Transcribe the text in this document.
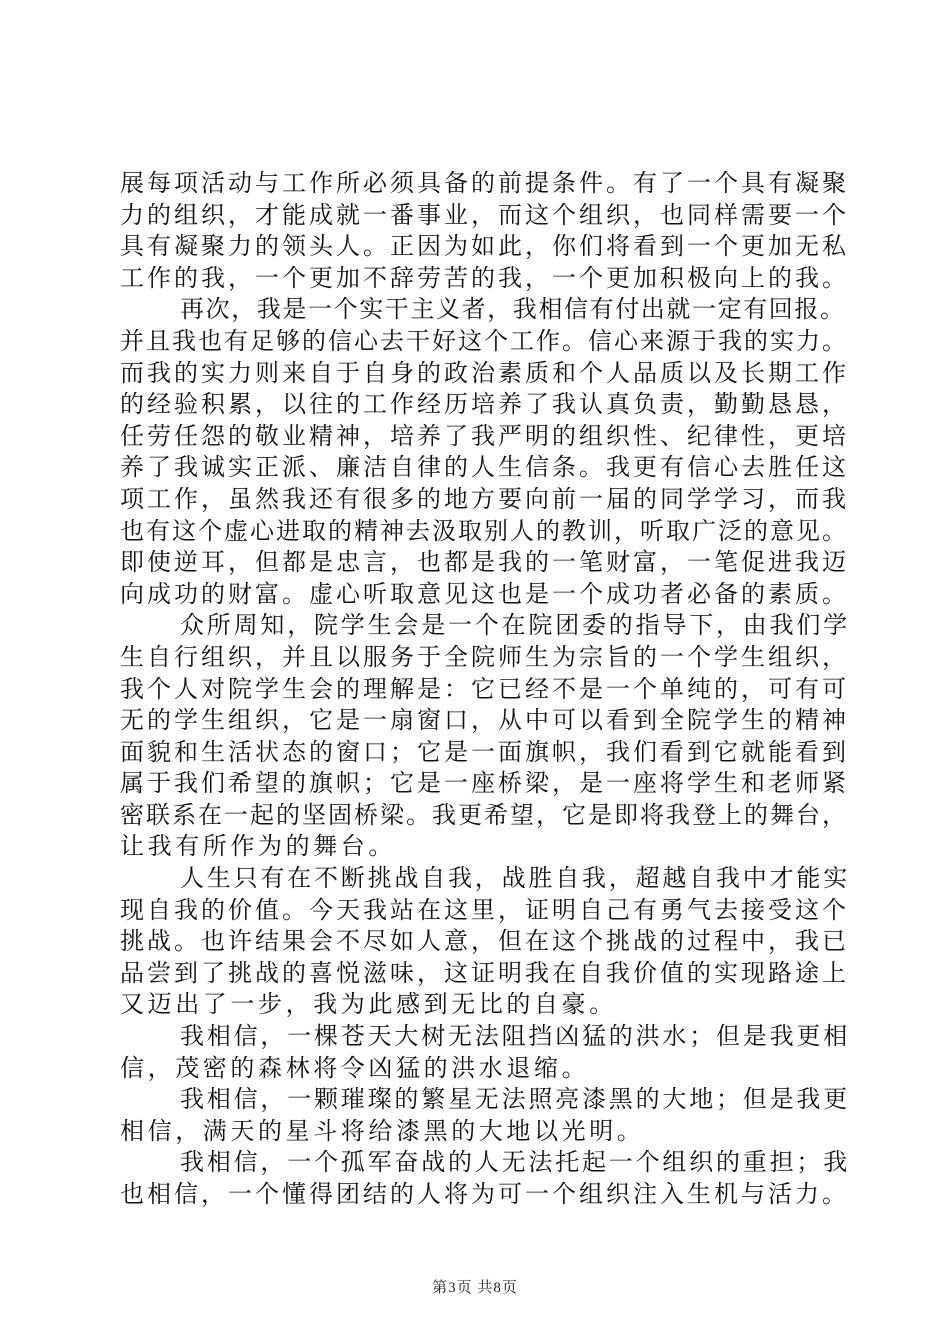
展每项活动与工作所必须具备的前提条件。有了一个具有凝聚
力的组织，才能成就一番事业，而这个组织，也同样需要一个
具有凝聚力的领头人。正因为如此，你们将看到一个更加无私
工作的我，一个更加不辞劳苦的我，一个更加积极向上的我。
再次，我是一个实干主义者，我相信有付出就一定有回报。
并且我也有足够的信心去干好这个工作。信心来源于我的实力。
而我的实力则来自于自身的政治素质和个人品质以及长期工作
的经验积累，以往的工作经历培养了我认真负责，勤勤恳恳，
任劳任怨的敬业精神，培养了我严明的组织性、纪律性，更培
养了我诚实正派、廉洁自律的人生信条。我更有信心去胜任这
项工作，虽然我还有很多的地方要向前一届的同学学习，而我
也有这个虚心进取的精神去汲取别人的教训，听取广泛的意见。
即使逆耳，但都是忠言，也都是我的一笔财富，一笔促进我迈
向成功的财富。虚心听取意见这也是一个成功者必备的素质。
众所周知，院学生会是一个在院团委的指导下，由我们学
生自行组织，并且以服务于全院师生为宗旨的一个学生组织，
我个人对院学生会的理解是：它已经不是一个单纯的，可有可
无的学生组织，它是一扇窗口，从中可以看到全院学生的精神
面貌和生活状态的窗口；它是一面旗帜，我们看到它就能看到
属于我们希望的旗帜；它是一座桥梁，是一座将学生和老师紧
密联系在一起的坚固桥梁。我更希望，它是即将我登上的舞台，
让我有所作为的舞台。
人生只有在不断挑战自我，战胜自我，超越自我中才能实
现自我的价值。今天我站在这里，证明自己有勇气去接受这个
挑战。也许结果会不尽如人意，但在这个挑战的过程中，我已
品尝到了挑战的喜悦滋味，这证明我在自我价值的实现路途上
又迈出了一步，我为此感到无比的自豪。
我相信，一棵苍天大树无法阻挡凶猛的洪水；但是我更相
信，茂密的森林将令凶猛的洪水退缩。
我相信，一颗璀璨的繁星无法照亮漆黑的大地；但是我更
相信，满天的星斗将给漆黑的大地以光明。
我相信，一个孤军奋战的人无法托起一个组织的重担；我
也相信，一个懂得团结的人将为可一个组织注入生机与活力。
第3页 共8页
